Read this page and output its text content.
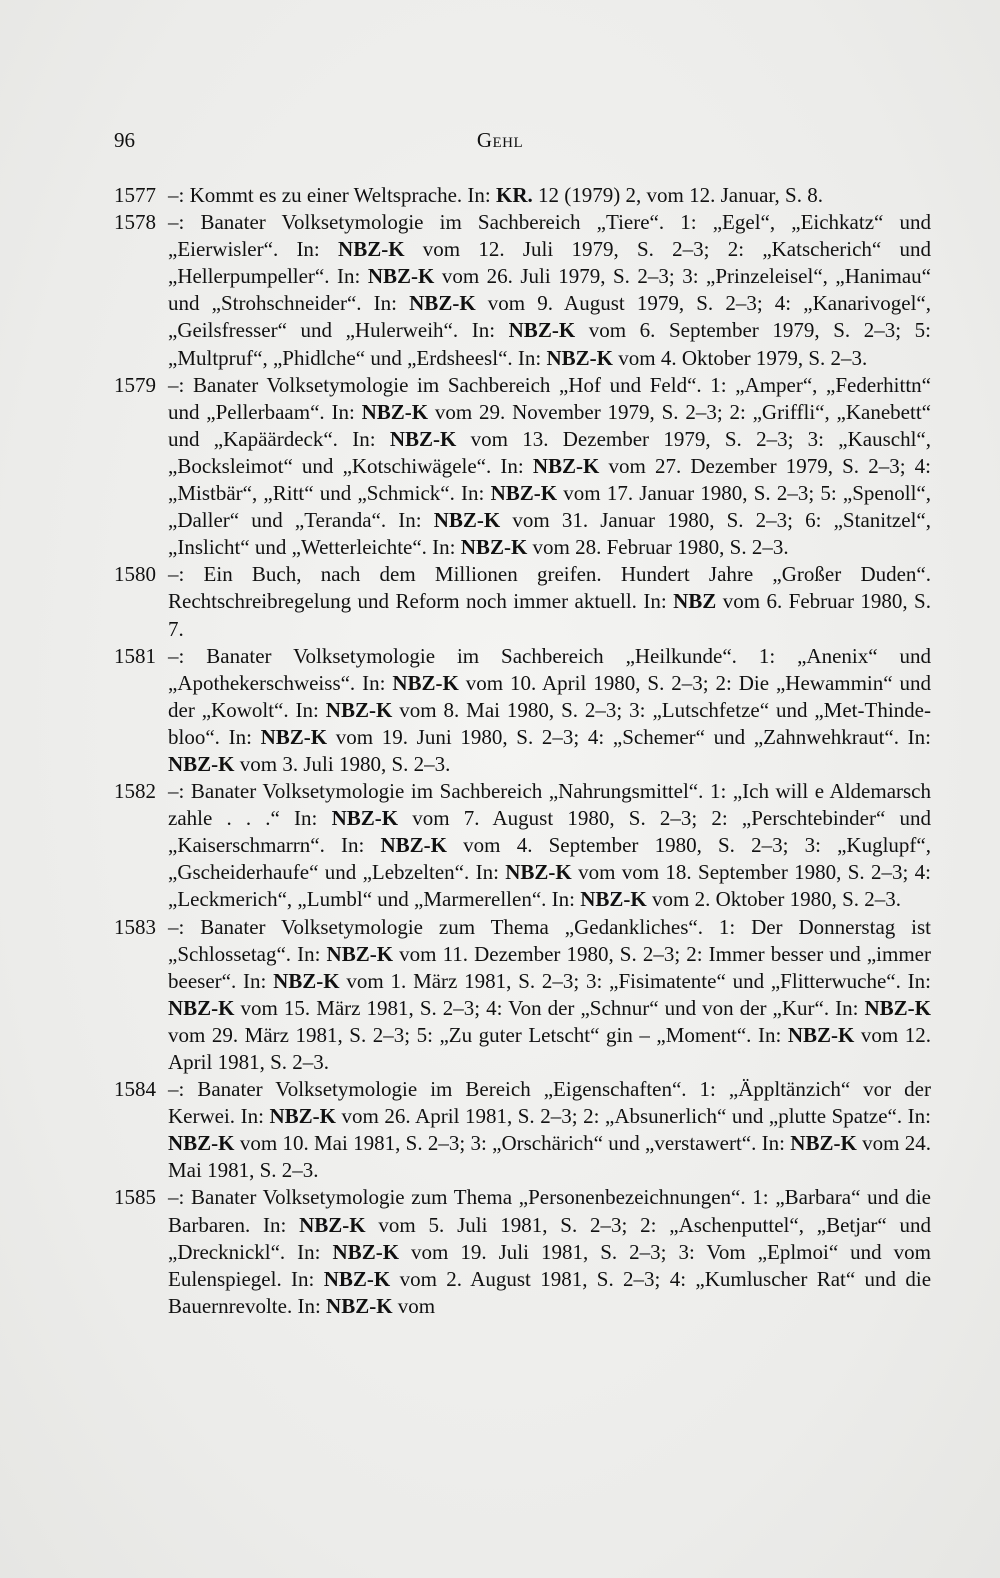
96	Gehl
1577 –: Kommt es zu einer Weltsprache. In: KR. 12 (1979) 2, vom 12. Januar, S. 8.
1578 –: Banater Volksetymologie im Sachbereich „Tiere“. 1: „Egel“, „Eichkatz“ und „Eierwisler“. In: NBZ-K vom 12. Juli 1979, S. 2–3; 2: „Katscherich“ und „Hellerpumpeller“. In: NBZ-K vom 26. Juli 1979, S. 2–3; 3: „Prinzeleisel“, „Hanimau“ und „Strohschneider“. In: NBZ-K vom 9. August 1979, S. 2–3; 4: „Kanarivogel“, „Geilsfresser“ und „Hulerweih“. In: NBZ-K vom 6. September 1979, S. 2–3; 5: „Multpruf“, „Phidlche“ und „Erdsheesl“. In: NBZ-K vom 4. Oktober 1979, S. 2–3.
1579 –: Banater Volksetymologie im Sachbereich „Hof und Feld“. 1: „Amper“, „Federhittn“ und „Pellerbaam“. In: NBZ-K vom 29. November 1979, S. 2–3; 2: „Griffli“, „Kanebett“ und „Kapäärdeck“. In: NBZ-K vom 13. Dezember 1979, S. 2–3; 3: „Kauschl“, „Bocksleimot“ und „Kotschiwägele“. In: NBZ-K vom 27. Dezember 1979, S. 2–3; 4: „Mistbär“, „Ritt“ und „Schmick“. In: NBZ-K vom 17. Januar 1980, S. 2–3; 5: „Spenoll“, „Daller“ und „Teranda“. In: NBZ-K vom 31. Januar 1980, S. 2–3; 6: „Stanitzel“, „Inslicht“ und „Wetterleichte“. In: NBZ-K vom 28. Februar 1980, S. 2–3.
1580 –: Ein Buch, nach dem Millionen greifen. Hundert Jahre „Großer Duden“. Rechtschreibregelung und Reform noch immer aktuell. In: NBZ vom 6. Februar 1980, S. 7.
1581 –: Banater Volksetymologie im Sachbereich „Heilkunde“. 1: „Anenix“ und „Apothekerschweiss“. In: NBZ-K vom 10. April 1980, S. 2–3; 2: Die „Hewammin“ und der „Kowolt“. In: NBZ-K vom 8. Mai 1980, S. 2–3; 3: „Lutschfetze“ und „Met-Thinde-bloo“. In: NBZ-K vom 19. Juni 1980, S. 2–3; 4: „Schemer“ und „Zahnwehkraut“. In: NBZ-K vom 3. Juli 1980, S. 2–3.
1582 –: Banater Volksetymologie im Sachbereich „Nahrungsmittel“. 1: „Ich will e Aldemarsch zahle . . .“ In: NBZ-K vom 7. August 1980, S. 2–3; 2: „Perschtebinder“ und „Kaiserschmarrn“. In: NBZ-K vom 4. September 1980, S. 2–3; 3: „Kuglupf“, „Gscheiderhaufe“ und „Lebzelten“. In: NBZ-K vom vom 18. September 1980, S. 2–3; 4: „Leckmerich“, „Lumbl“ und „Marmerellen“. In: NBZ-K vom 2. Oktober 1980, S. 2–3.
1583 –: Banater Volksetymologie zum Thema „Gedankliches“. 1: Der Donnerstag ist „Schlossetag“. In: NBZ-K vom 11. Dezember 1980, S. 2–3; 2: Immer besser und „immer beeser“. In: NBZ-K vom 1. März 1981, S. 2–3; 3: „Fisimatente“ und „Flitterwuche“. In: NBZ-K vom 15. März 1981, S. 2–3; 4: Von der „Schnur“ und von der „Kur“. In: NBZ-K vom 29. März 1981, S. 2–3; 5: „Zu guter Letscht“ gin – „Moment“. In: NBZ-K vom 12. April 1981, S. 2–3.
1584 –: Banater Volksetymologie im Bereich „Eigenschaften“. 1: „Äppltänzich“ vor der Kerwei. In: NBZ-K vom 26. April 1981, S. 2–3; 2: „Absunerlich“ und „plutte Spatze“. In: NBZ-K vom 10. Mai 1981, S. 2–3; 3: „Orschärich“ und „verstawert“. In: NBZ-K vom 24. Mai 1981, S. 2–3.
1585 –: Banater Volksetymologie zum Thema „Personenbezeichnungen“. 1: „Barbara“ und die Barbaren. In: NBZ-K vom 5. Juli 1981, S. 2–3; 2: „Aschenputtel“, „Betjar“ und „Drecknickl“. In: NBZ-K vom 19. Juli 1981, S. 2–3; 3: Vom „Eplmoi“ und vom Eulenspiegel. In: NBZ-K vom 2. August 1981, S. 2–3; 4: „Kumluscher Rat“ und die Bauernrevolte. In: NBZ-K vom
